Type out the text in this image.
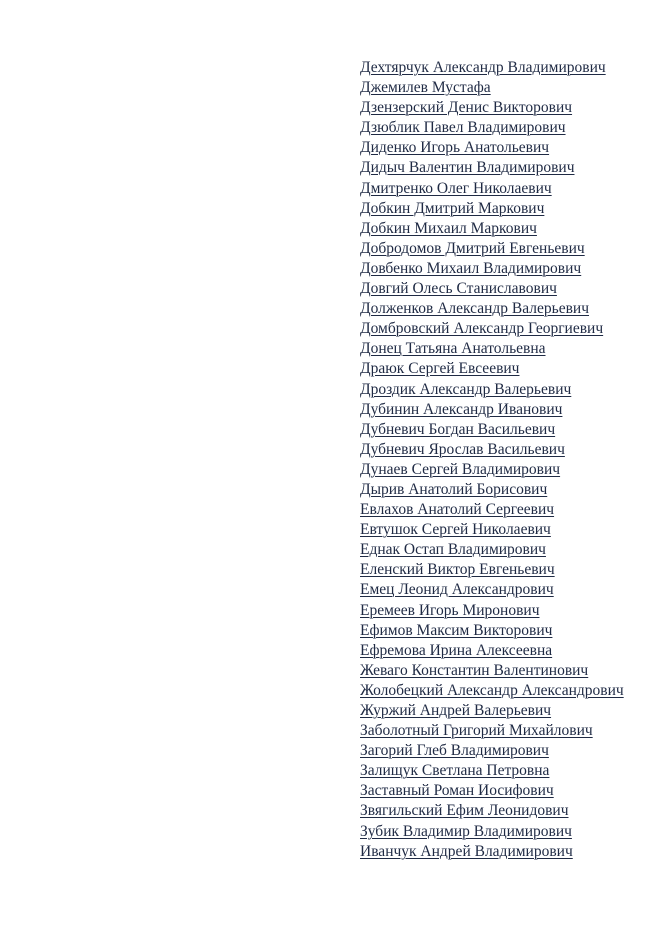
Дехтярчук Александр Владимирович
Джемилев Мустафа
Дзензерский Денис Викторович
Дзюблик Павел Владимирович
Диденко Игорь Анатольевич
Дидыч Валентин Владимирович
Дмитренко Олег Николаевич
Добкин Дмитрий Маркович
Добкин Михаил Маркович
Добродомов Дмитрий Евгеньевич
Довбенко Михаил Владимирович
Довгий Олесь Станиславович
Долженков Александр Валерьевич
Домбровский Александр Георгиевич
Донец Татьяна Анатольевна
Драюк Сергей Евсеевич
Дроздик Александр Валерьевич
Дубинин Александр Иванович
Дубневич Богдан Васильевич
Дубневич Ярослав Васильевич
Дунаев Сергей Владимирович
Дырив Анатолий Борисович
Евлахов Анатолий Сергеевич
Евтушок Сергей Николаевич
Еднак Остап Владимирович
Еленский Виктор Евгеньевич
Емец Леонид Александрович
Еремеев Игорь Миронович
Ефимов Максим Викторович
Ефремова Ирина Алексеевна
Жеваго Константин Валентинович
Жолобецкий Александр Александрович
Журжий Андрей Валерьевич
Заболотный Григорий Михайлович
Загорий Глеб Владимирович
Залищук Светлана Петровна
Заставный Роман Иосифович
Звягильский Ефим Леонидович
Зубик Владимир Владимирович
Иванчук Андрей Владимирович
